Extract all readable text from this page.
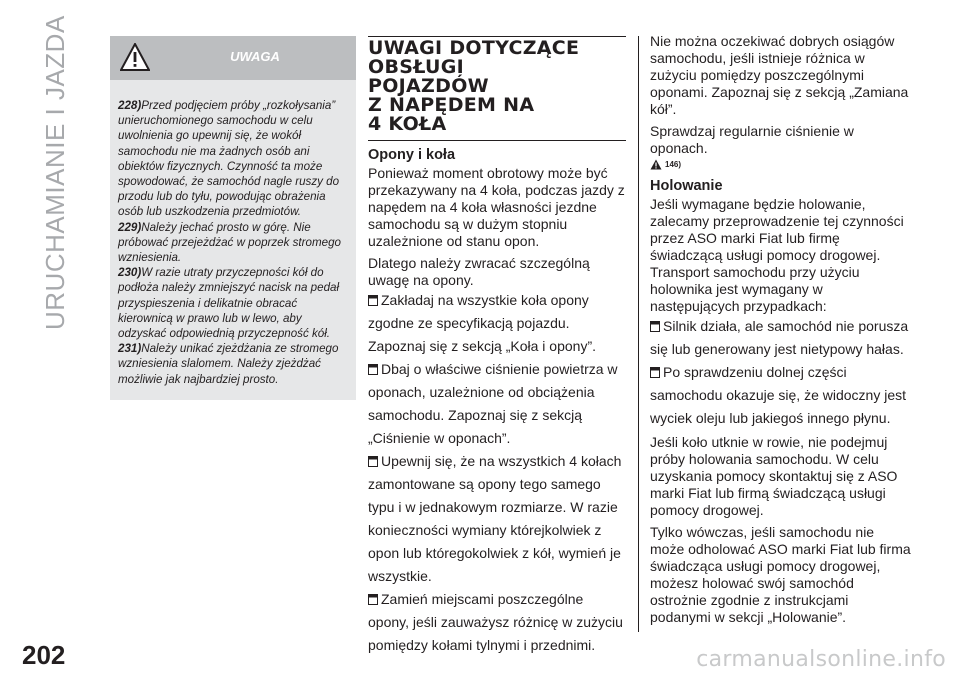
URUCHAMIANIE I JAZDA	UWAGA

228)Przed podjęciem próby „rozkołysania” unieruchomionego samochodu w celu uwolnienia go upewnij się, że wokół samochodu nie ma żadnych osób ani obiektów fizycznych. Czynność ta może spowodować, że samochód nagle ruszy do przodu lub do tyłu, powodując obrażenia osób lub uszkodzenia przedmiotów.

229)Należy jechać prosto w górę. Nie próbować przejeżdżać w poprzek stromego wzniesienia.

230)W razie utraty przyczepności kół do podłoża należy zmniejszyć nacisk na pedał przyspieszenia i delikatnie obracać kierownicą w prawo lub w lewo, aby odzyskać odpowiednią przyczepność kół.

231)Należy unikać zjeżdżania ze stromego wzniesienia slalomem. Należy zjeżdżać możliwie jak najbardziej prosto.

UWAGI DOTYCZĄCE

OBSŁUGI

POJAZDÓW

Z NAPĘDEM NA

4 KOŁA

Opony i koła

Ponieważ moment obrotowy może być przekazywany na 4 koła, podczas jazdy z napędem na 4 koła własności jezdne samochodu są w dużym stopniu uzależnione od stanu opon.

Dlatego należy zwracać szczególną uwagę na opony.

Zakładaj na wszystkie koła opony zgodne ze specyfikacją pojazdu. Zapoznaj się z sekcją „Koła i opony”.

Dbaj o właściwe ciśnienie powietrza w oponach, uzależnione od obciążenia samochodu. Zapoznaj się z sekcją „Ciśnienie w oponach”.

Upewnij się, że na wszystkich 4 kołach zamontowane są opony tego samego typu i w jednakowym rozmiarze. W razie konieczności wymiany którejkolwiek z opon lub któregokolwiek z kół, wymień je wszystkie.

Zamień miejscami poszczególne opony, jeśli zauważysz różnicę w zużyciu pomiędzy kołami tylnymi i przednimi.

Nie można oczekiwać dobrych osiągów samochodu, jeśli istnieje różnica w zużyciu pomiędzy poszczególnymi oponami. Zapoznaj się z sekcją „Zamiana kół”.

Sprawdzaj regularnie ciśnienie w oponach.

146)
Holowanie

Jeśli wymagane będzie holowanie, zalecamy przeprowadzenie tej czynności przez ASO marki Fiat lub firmę świadczącą usługi pomocy drogowej. Transport samochodu przy użyciu holownika jest wymagany w następujących przypadkach:

Silnik działa, ale samochód nie porusza się lub generowany jest nietypowy hałas.

Po sprawdzeniu dolnej części samochodu okazuje się, że widoczny jest wyciek oleju lub jakiegoś innego płynu.

Jeśli koło utknie w rowie, nie podejmuj próby holowania samochodu. W celu uzyskania pomocy skontaktuj się z ASO marki Fiat lub firmą świadczącą usługi pomocy drogowej.

Tylko wówczas, jeśli samochodu nie może odholować ASO marki Fiat lub firma świadcząca usługi pomocy drogowej, możesz holować swój samochód ostrożnie zgodnie z instrukcjami podanymi w sekcji „Holowanie”.

202	carmanualsonline.info
